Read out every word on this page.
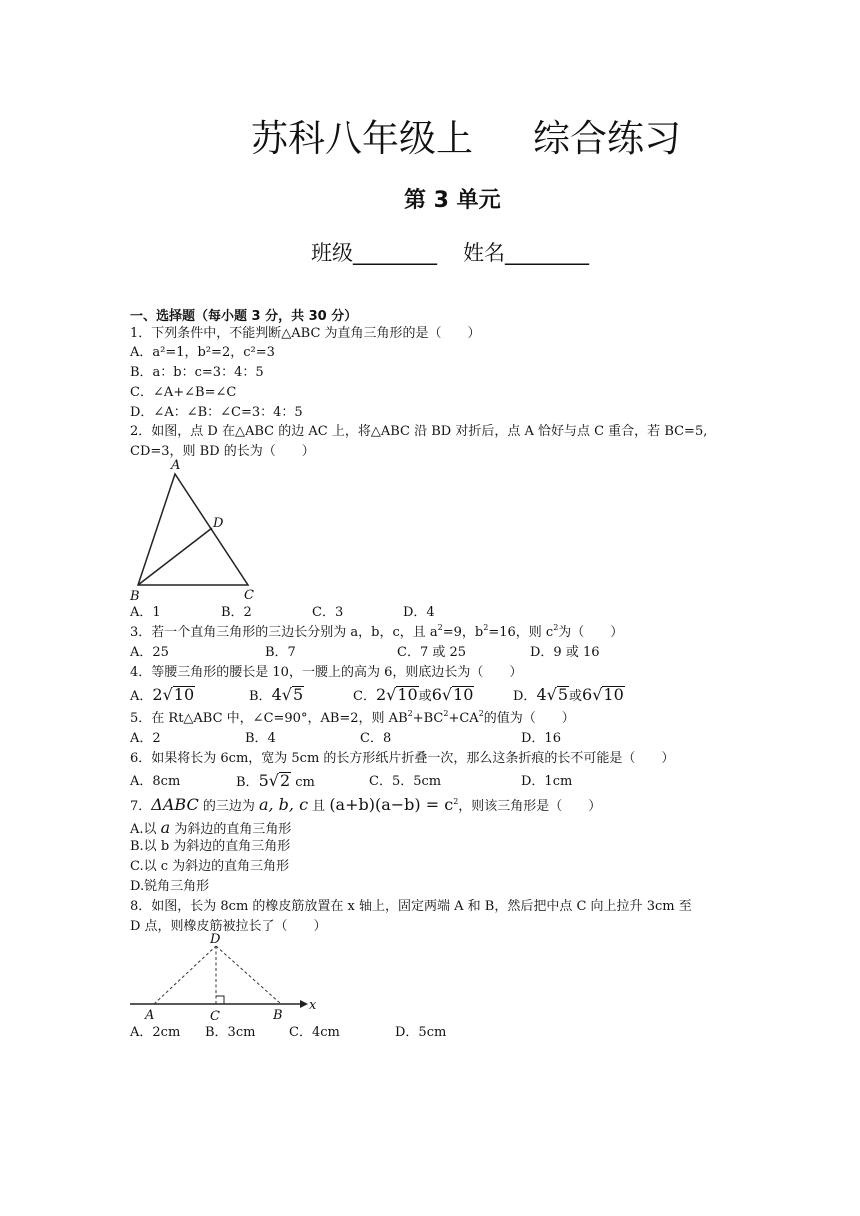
苏科八年级上 综合练习
第 3 单元
班级________ 姓名________
一、选择题（每小题 3 分，共 30 分）
1．下列条件中，不能判断△ABC 为直角三角形的是（　　）
A．a²=1，b²=2，c²=3
B．a：b：c=3：4：5
C．∠A+∠B=∠C
D．∠A：∠B：∠C=3：4：5
2．如图，点 D 在△ABC 的边 AC 上，将△ABC 沿 BD 对折后，点 A 恰好与点 C 重合，若 BC=5,
CD=3，则 BD 的长为（　　）
A
D
B	C
A．1	B．2	C．3	D．4
3．若一个直角三角形的三边长分别为 a，b，c，且 $a^2=9$，$b^2=16$，则 $c^2$为（　　）
A．25	B．7	C．7 或 25	D．9 或 16
4．等腰三角形的腰长是 10，一腰上的高为 6，则底边长为（　　）
A．2√10	B．4√5	C．2√10或6√10	D．4√5或6√10
5．在 Rt△ABC 中，∠C=90°，AB=2，则 $AB^2+BC^2+CA^2$的值为（　　）
A．2	B．4	C．8	D．16
6．如果将长为 6cm，宽为 5cm 的长方形纸片折叠一次，那么这条折痕的长不可能是（　　）
A．8cm	B．5√2 cm	C．5．5cm	D．1cm
7．ΔABC 的三边为 a, b, c 且 $(a+b)(a-b) = c^2$，则该三角形是（　　）
A.以 a 为斜边的直角三角形
B.以 b 为斜边的直角三角形
C.以 c 为斜边的直角三角形
D.锐角三角形
8．如图，长为 8cm 的橡皮筋放置在 x 轴上，固定两端 A 和 B，然后把中点 C 向上拉升 3cm 至
D 点，则橡皮筋被拉长了（　　）
D
A	C	B
x
A．2cm B．3cm	C．4cm	D．5cm
